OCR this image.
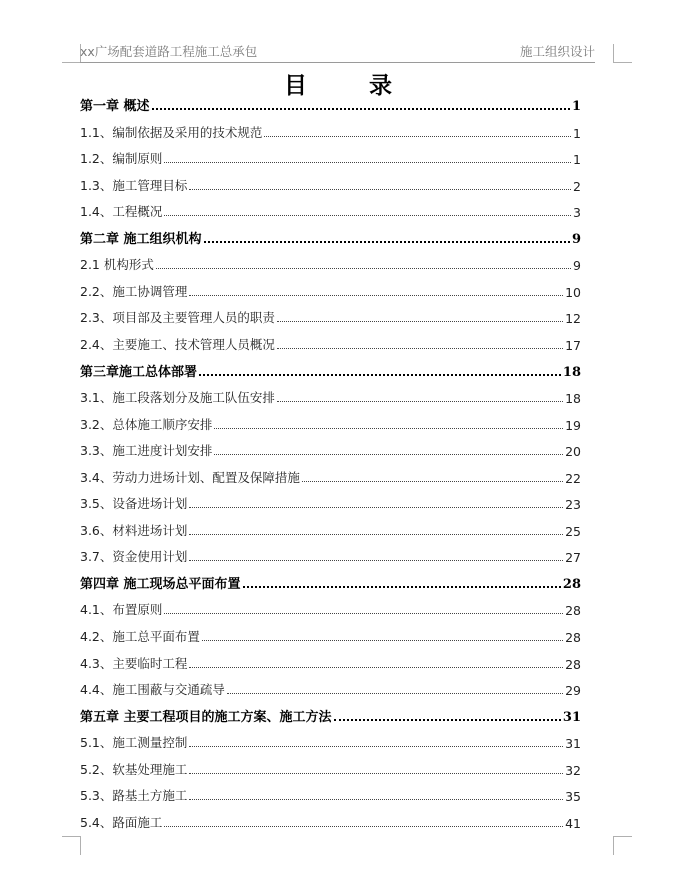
xx广场配套道路工程施工总承包	施工组织设计
目录
第一章 概述	1
1.1、编制依据及采用的技术规范	1
1.2、编制原则	1
1.3、施工管理目标	2
1.4、工程概况	3
第二章 施工组织机构	9
2.1 机构形式	9
2.2、施工协调管理	10
2.3、项目部及主要管理人员的职责	12
2.4、主要施工、技术管理人员概况	17
第三章施工总体部署	18
3.1、施工段落划分及施工队伍安排	18
3.2、总体施工顺序安排	19
3.3、施工进度计划安排	20
3.4、劳动力进场计划、配置及保障措施	22
3.5、设备进场计划	23
3.6、材料进场计划	25
3.7、资金使用计划	27
第四章 施工现场总平面布置	28
4.1、布置原则	28
4.2、施工总平面布置	28
4.3、主要临时工程	28
4.4、施工围蔽与交通疏导	29
第五章 主要工程项目的施工方案、施工方法	31
5.1、施工测量控制	31
5.2、软基处理施工	32
5.3、路基土方施工	35
5.4、路面施工	41
